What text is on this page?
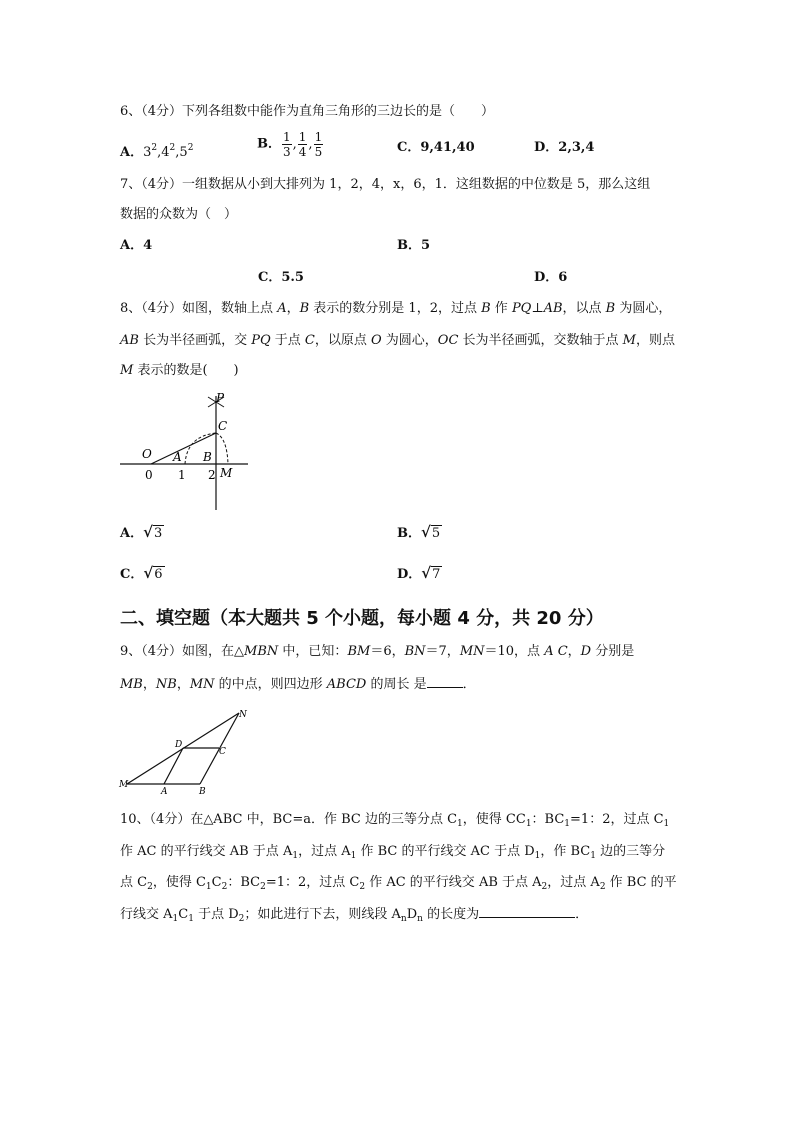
6、（4分）下列各组数中能作为直角三角形的三边长的是（　　）
A．$3^2,4^2,5^2$	B． $\frac{1}{3}$ , $\frac{1}{4}$ , $\frac{1}{5}$	C．9,41,40	D．2,3,4
7、（4分）一组数据从小到大排列为 1，2，4，x，6，1．这组数据的中位数是 5，那么这组
数据的众数为（　）
A．4	B．5
C．5.5	D．6
8、（4分）如图，数轴上点 A，B 表示的数分别是 1，2，过点 B 作 PQ⊥AB，以点 B 为圆心，
AB 长为半径画弧，交 PQ 于点 C，以原点 O 为圆心，OC 长为半径画弧，交数轴于点 M，则点
M 表示的数是(　　)
P
C
O A B
M
0 1 2
A．√3	B．√5
C．√6	D．√7
二、填空题（本大题共 5 个小题，每小题 4 分，共 20 分）
9、（4分）如图，在△MBN 中，已知：BM＝6，BN＝7，MN＝10，点 A C，D 分别是
MB，NB，MN 的中点，则四边形 ABCD 的周长 是	．
N
D
C
M
A	B
10、（4分）在△ABC 中，BC=a．作 BC 边的三等分点 $C_1$，使得 $CC_1$：$BC_1=1$：2，过点 $C_1$
作 AC 的平行线交 AB 于点 $A_1$，过点 $A_1$ 作 BC 的平行线交 AC 于点 $D_1$，作 $BC_1$ 边的三等分
点 $C_2$，使得 $C_1C_2$：$BC_2=1$：2，过点 $C_2$ 作 AC 的平行线交 AB 于点 $A_2$，过点 $A_2$ 作 BC 的平
行线交 $A_1C_1$ 于点 $D_2$；如此进行下去，则线段 $A_nD_n$ 的长度为	．
